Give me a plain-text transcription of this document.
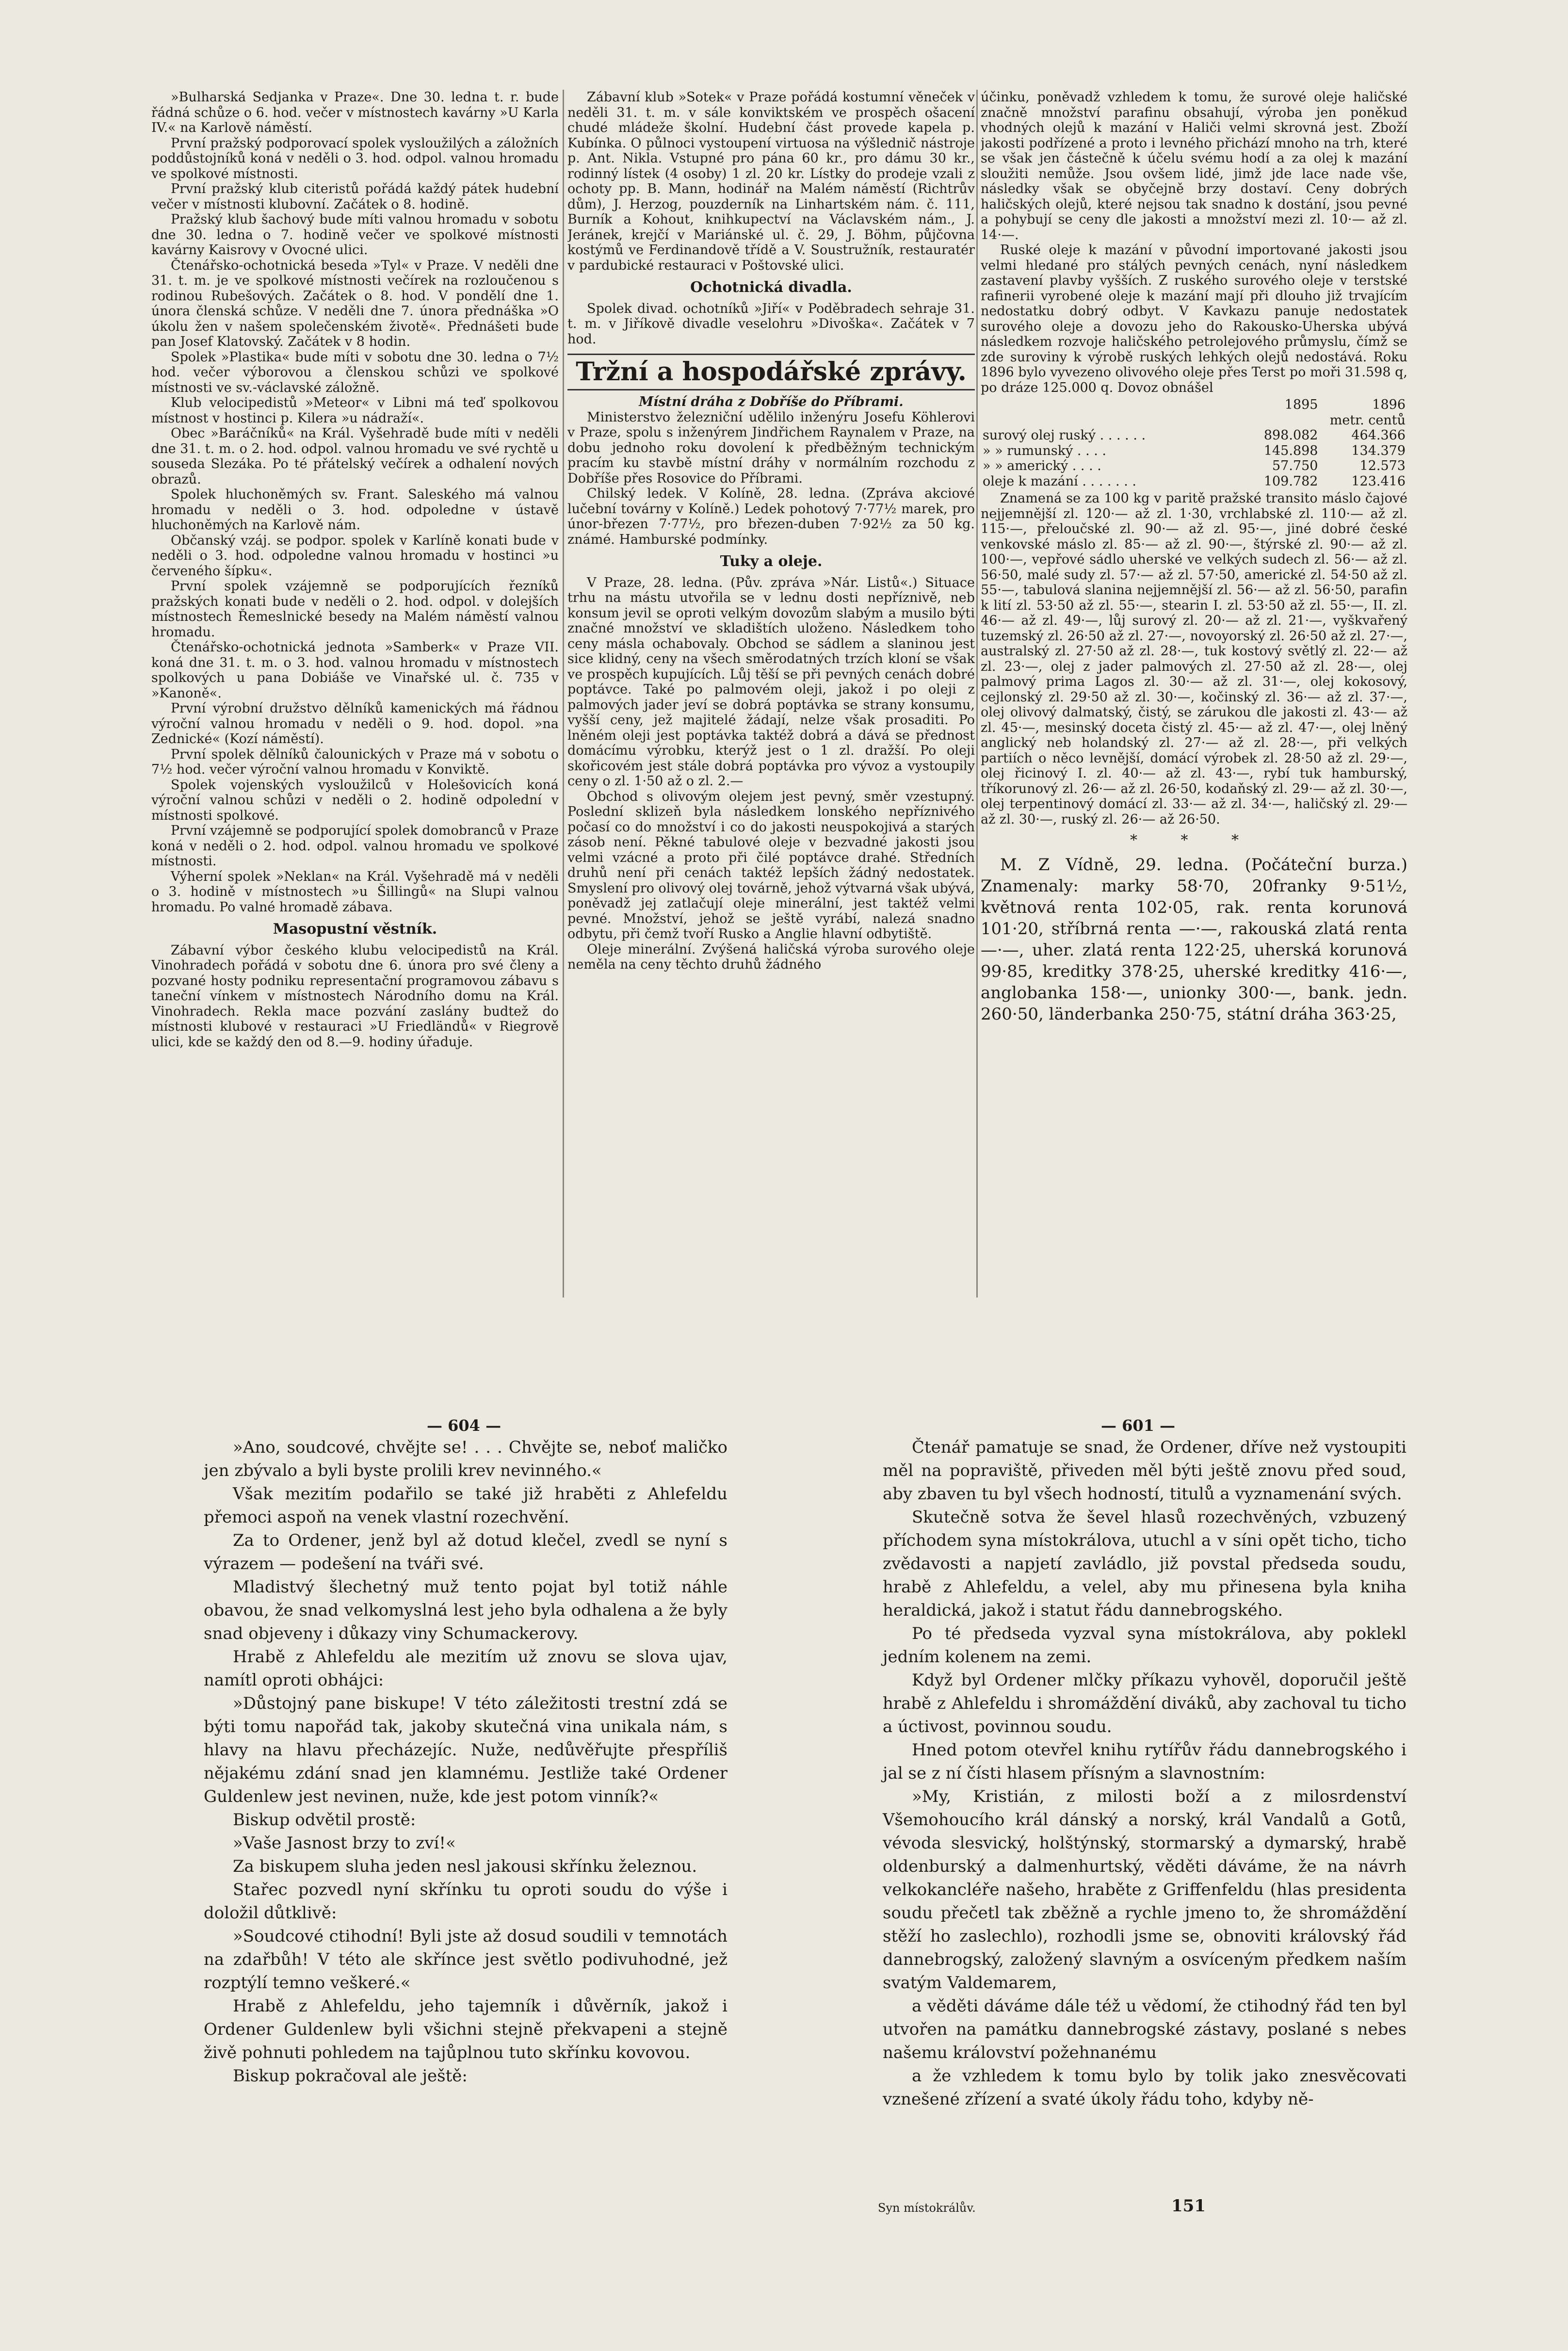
»Bulharská Sedjanka v Praze«. Dne 30. ledna t. r. bude řádná schůze o 6. hod. večer v místnostech kavárny »U Karla IV.« na Karlově náměstí.

První pražský podporovací spolek vysloužilých a záložních poddůstojníků koná v neděli o 3. hod. odpol. valnou hromadu ve spolkové místnosti.

První pražský klub citeristů pořádá každý pátek hudební večer v místnosti klubovní. Začátek o 8. hodině.

Pražský klub šachový bude míti valnou hromadu v sobotu dne 30. ledna o 7. hodině večer ve spolkové místnosti kavárny Kaisrovy v Ovocné ulici.

Čtenářsko-ochotnická beseda »Tyl« v Praze. V neděli dne 31. t. m. je ve spolkové místnosti večírek na rozloučenou s rodinou Rubešových. Začátek o 8. hod. V pondělí dne 1. února členská schůze. V neděli dne 7. února přednáška »O úkolu žen v našem společenském životě«. Přednášeti bude pan Josef Klatovský. Začátek v 8 hodin.

Spolek »Plastika« bude míti v sobotu dne 30. ledna o 7½ hod. večer výborovou a členskou schůzi ve spolkové místnosti ve sv.-václavské záložně.

Klub velocipedistů »Meteor« v Libni má teď spolkovou místnost v hostinci p. Kilera »u nádraží«.

Obec »Baráčníků« na Král. Vyšehradě bude míti v neděli dne 31. t. m. o 2. hod. odpol. valnou hromadu ve své rychtě u souseda Slezáka. Po té přátelský večírek a odhalení nových obrazů.

Spolek hluchoněmých sv. Frant. Saleského má valnou hromadu v neděli o 3. hod. odpoledne v ústavě hluchoněmých na Karlově nám.

Občanský vzáj. se podpor. spolek v Karlíně konati bude v neděli o 3. hod. odpoledne valnou hromadu v hostinci »u červeného šípku«.

První spolek vzájemně se podporujících řezníků pražských konati bude v neděli o 2. hod. odpol. v dolejších místnostech Řemeslnické besedy na Malém náměstí valnou hromadu.

Čtenářsko-ochotnická jednota »Samberk« v Praze VII. koná dne 31. t. m. o 3. hod. valnou hromadu v místnostech spolkových u pana Dobiáše ve Vinařské ul. č. 735 v »Kanoně«.

První výrobní družstvo dělníků kamenických má řádnou výroční valnou hromadu v neděli o 9. hod. dopol. »na Zednické« (Kozí náměstí).

První spolek dělníků čalounických v Praze má v sobotu o 7½ hod. večer výroční valnou hromadu v Konviktě.

Spolek vojenských vysloužilců v Holešovicích koná výroční valnou schůzi v neděli o 2. hodině odpolední v místnosti spolkové.

První vzájemně se podporující spolek domobranců v Praze koná v neděli o 2. hod. odpol. valnou hromadu ve spolkové místnosti.

Výherní spolek »Neklan« na Král. Vyšehradě má v neděli o 3. hodině v místnostech »u Šillingů« na Slupi valnou hromadu. Po valné hromadě zábava.

Masopustní věstník.

Zábavní výbor českého klubu velocipedistů na Král. Vinohradech pořádá v sobotu dne 6. února pro své členy a pozvané hosty podniku representační programovou zábavu s taneční vínkem v místnostech Národního domu na Král. Vinohradech. Rekla mace pozvání zaslány budtež do místnosti klubové v restauraci »U Friedländů« v Riegrově ulici, kde se každý den od 8.—9. hodiny úřaduje.

Zábavní klub »Sotek« v Praze pořádá kostumní věneček v neděli 31. t. m. v sále konviktském ve prospěch ošacení chudé mládeže školní. Hudební část provede kapela p. Kubínka. O půlnoci vystoupení virtuosa na výšlednič nástroje p. Ant. Nikla. Vstupné pro pána 60 kr., pro dámu 30 kr., rodinný lístek (4 osoby) 1 zl. 20 kr. Lístky do prodeje vzali z ochoty pp. B. Mann, hodinář na Malém náměstí (Richtrův dům), J. Herzog, pouzderník na Linhartském nám. č. 111, Burník a Kohout, knihkupectví na Václavském nám., J. Jeránek, krejčí v Mariánské ul. č. 29, J. Böhm, půjčovna kostýmů ve Ferdinandově třídě a V. Soustružník, restauratér v pardubické restauraci v Poštovské ulici.

Ochotnická divadla.

Spolek divad. ochotníků »Jiří« v Poděbradech sehraje 31. t. m. v Jiříkově divadle veselohru »Divoška«. Začátek v 7 hod.

Tržní a hospodářské zprávy.

Místní dráha z Dobříše do Příbrami.

Ministerstvo železniční udělilo inženýru Josefu Köhlerovi v Praze, spolu s inženýrem Jindřichem Raynalem v Praze, na dobu jednoho roku dovolení k předběžným technickým pracím ku stavbě místní dráhy v normálním rozchodu z Dobříše přes Rosovice do Příbrami.

Chilský ledek. V Kolíně, 28. ledna. (Zpráva akciové lučební továrny v Kolíně.) Ledek pohotový 7·77½ marek, pro únor-březen 7·77½, pro březen-duben 7·92½ za 50 kg. známé. Hamburské podmínky.

Tuky a oleje.

V Praze, 28. ledna. (Pův. zpráva »Nár. Listů«.) Situace trhu na mástu utvořila se v lednu dosti nepříznivě, neb konsum jevil se oproti velkým dovozům slabým a musilo býti značné množství ve skladištích uloženo. Následkem toho ceny másla ochabovaly. Obchod se sádlem a slaninou jest sice klidný, ceny na všech směrodatných trzích kloní se však ve prospěch kupujících. Lůj těší se při pevných cenách dobré poptávce. Také po palmovém oleji, jakož i po oleji z palmových jader jeví se dobrá poptávka se strany konsumu, vyšší ceny, jež majitelé žádají, nelze však prosaditi. Po lněném oleji jest poptávka taktéž dobrá a dává se přednost domácímu výrobku, kterýž jest o 1 zl. dražší. Po oleji skořicovém jest stále dobrá poptávka pro vývoz a vystoupily ceny o zl. 1·50 až o zl. 2.—

Obchod s olivovým olejem jest pevný, směr vzestupný. Poslední sklizeň byla následkem lonského nepříznivého počasí co do množství i co do jakosti neuspokojivá a starých zásob není. Pěkné tabulové oleje v bezvadné jakosti jsou velmi vzácné a proto při čilé poptávce drahé. Středních druhů není při cenách taktéž lepších žádný nedostatek. Smyslení pro olivový olej továrně, jehož výtvarná však ubývá, poněvadž jej zatlačují oleje minerální, jest taktéž velmi pevné. Množství, jehož se ještě vyrábí, nalezá snadno odbytu, při čemž tvoří Rusko a Anglie hlavní odbytiště.

Oleje minerální. Zvýšená haličská výroba surového oleje neměla na ceny těchto druhů žádného

účinku, poněvadž vzhledem k tomu, že surové oleje haličské značně množství parafinu obsahují, výroba jen poněkud vhodných olejů k mazání v Haliči velmi skrovná jest. Zboží jakosti podřízené a proto i levného přichází mnoho na trh, které se však jen částečně k účelu svému hodí a za olej k mazání sloužiti nemůže. Jsou ovšem lidé, jimž jde lace nade vše, následky však se obyčejně brzy dostaví. Ceny dobrých haličských olejů, které nejsou tak snadno k dostání, jsou pevné a pohybují se ceny dle jakosti a množství mezi zl. 10·— až zl. 14·—.

Ruské oleje k mazání v původní importované jakosti jsou velmi hledané pro stálých pevných cenách, nyní následkem zastavení plavby vyšších. Z ruského surového oleje v terstské rafinerii vyrobené oleje k mazání mají při dlouho již trvajícím nedostatku dobrý odbyt. V Kavkazu panuje nedostatek surového oleje a dovozu jeho do Rakousko-Uherska ubývá následkem rozvoje haličského petrolejového průmyslu, čímž se zde suroviny k výrobě ruských lehkých olejů nedostává. Roku 1896 bylo vyvezeno olivového oleje přes Terst po moři 31.598 q, po dráze 125.000 q. Dovoz obnášel

	1895	1896
	metr. centů	
surový olej ruský . . . . . .	898.082	464.366
» » rumunský . . . .	145.898	134.379
» » americký . . . .	57.750	12.573
oleje k mazání . . . . . . .	109.782	123.416

Znamená se za 100 kg v paritě pražské transito máslo čajové nejjemnější zl. 120·— až zl. 1·30, vrchlabské zl. 110·— až zl. 115·—, přeloučské zl. 90·— až zl. 95·—, jiné dobré české venkovské máslo zl. 85·— až zl. 90·—, štýrské zl. 90·— až zl. 100·—, vepřové sádlo uherské ve velkých sudech zl. 56·— až zl. 56·50, malé sudy zl. 57·— až zl. 57·50, americké zl. 54·50 až zl. 55·—, tabulová slanina nejjemnější zl. 56·— až zl. 56·50, parafin k lití zl. 53·50 až zl. 55·—, stearin I. zl. 53·50 až zl. 55·—, II. zl. 46·— až zl. 49·—, lůj surový zl. 20·— až zl. 21·—, vyškvařený tuzemský zl. 26·50 až zl. 27·—, novoyorský zl. 26·50 až zl. 27·—, australský zl. 27·50 až zl. 28·—, tuk kostový světlý zl. 22·— až zl. 23·—, olej z jader palmových zl. 27·50 až zl. 28·—, olej palmový prima Lagos zl. 30·— až zl. 31·—, olej kokosový, cejlonský zl. 29·50 až zl. 30·—, kočinský zl. 36·— až zl. 37·—, olej olivový dalmatský, čistý, se zárukou dle jakosti zl. 43·— až zl. 45·—, mesinský doceta čistý zl. 45·— až zl. 47·—, olej lněný anglický neb holandský zl. 27·— až zl. 28·—, při velkých partiích o něco levnější, domácí výrobek zl. 28·50 až zl. 29·—, olej řicinový I. zl. 40·— až zl. 43·—, rybí tuk hamburský, tříkorunový zl. 26·— až zl. 26·50, kodaňský zl. 29·— až zl. 30·—, olej terpentinový domácí zl. 33·— až zl. 34·—, haličský zl. 29·— až zl. 30·—, ruský zl. 26·— až 26·50.

* * *

M. Z Vídně, 29. ledna. (Počáteční burza.) Znamenaly: marky 58·70, 20franky 9·51½, květnová renta 102·05, rak. renta korunová 101·20, stříbrná renta —·—, rakouská zlatá renta —·—, uher. zlatá renta 122·25, uherská korunová 99·85, kreditky 378·25, uherské kreditky 416·—, anglobanka 158·—, unionky 300·—, bank. jedn. 260·50, länderbanka 250·75, státní dráha 363·25,

— 604 —	— 601 —

»Ano, soudcové, chvějte se! . . . Chvějte se, neboť maličko jen zbývalo a byli byste prolili krev nevinného.«

Však mezitím podařilo se také již hraběti z Ahlefeldu přemoci aspoň na venek vlastní rozechvění.

Za to Ordener, jenž byl až dotud klečel, zvedl se nyní s výrazem — podešení na tváři své.

Mladistvý šlechetný muž tento pojat byl totiž náhle obavou, že snad velkomyslná lest jeho byla odhalena a že byly snad objeveny i důkazy viny Schumackerovy.

Hrabě z Ahlefeldu ale mezitím už znovu se slova ujav, namítl oproti obhájci:

»Důstojný pane biskupe! V této záležitosti trestní zdá se býti tomu napořád tak, jakoby skutečná vina unikala nám, s hlavy na hlavu přecházejíc. Nuže, nedůvěřujte přespříliš nějakému zdání snad jen klamnému. Jestliže také Ordener Guldenlew jest nevinen, nuže, kde jest potom vinník?«

Biskup odvětil prostě:

»Vaše Jasnost brzy to zví!«

Za biskupem sluha jeden nesl jakousi skřínku železnou.

Stařec pozvedl nyní skřínku tu oproti soudu do výše i doložil důtklivě:

»Soudcové ctihodní! Byli jste až dosud soudili v temnotách na zdařbůh! V této ale skřínce jest světlo podivuhodné, jež rozptýlí temno veškeré.«

Hrabě z Ahlefeldu, jeho tajemník i důvěrník, jakož i Ordener Guldenlew byli všichni stejně překvapeni a stejně živě pohnuti pohledem na tajůplnou tuto skřínku kovovou.

Biskup pokračoval ale ještě:

Čtenář pamatuje se snad, že Ordener, dříve než vystoupiti měl na popraviště, přiveden měl býti ještě znovu před soud, aby zbaven tu byl všech hodností, titulů a vyznamenání svých.

Skutečně sotva že ševel hlasů rozechvěných, vzbuzený příchodem syna místokrálova, utuchl a v síni opět ticho, ticho zvědavosti a napjetí zavládlo, již povstal předseda soudu, hrabě z Ahlefeldu, a velel, aby mu přinesena byla kniha heraldická, jakož i statut řádu dannebrogského.

Po té předseda vyzval syna místokrálova, aby poklekl jedním kolenem na zemi.

Když byl Ordener mlčky příkazu vyhověl, doporučil ještě hrabě z Ahlefeldu i shromáždění diváků, aby zachoval tu ticho a úctivost, povinnou soudu.

Hned potom otevřel knihu rytířův řádu dannebrogského i jal se z ní čísti hlasem přísným a slavnostním:

»My, Kristián, z milosti boží a z milosrdenství Všemohoucího král dánský a norský, král Vandalů a Gotů, vévoda slesvický, holštýnský, stormarský a dymarský, hrabě oldenburský a dalmenhurtský, věděti dáváme, že na návrh velkokancléře našeho, hraběte z Griffenfeldu (hlas presidenta soudu přečetl tak zběžně a rychle jmeno to, že shromáždění stěží ho zaslechlo), rozhodli jsme se, obnoviti královský řád dannebrogský, založený slavným a osvíceným předkem naším svatým Valdemarem,

a věděti dáváme dále též u vědomí, že ctihodný řád ten byl utvořen na památku dannebrogské zástavy, poslané s nebes našemu království požehnanému

a že vzhledem k tomu bylo by tolik jako znesvěcovati vznešené zřízení a svaté úkoly řádu toho, kdyby ně-

Syn místokrálův.	151
